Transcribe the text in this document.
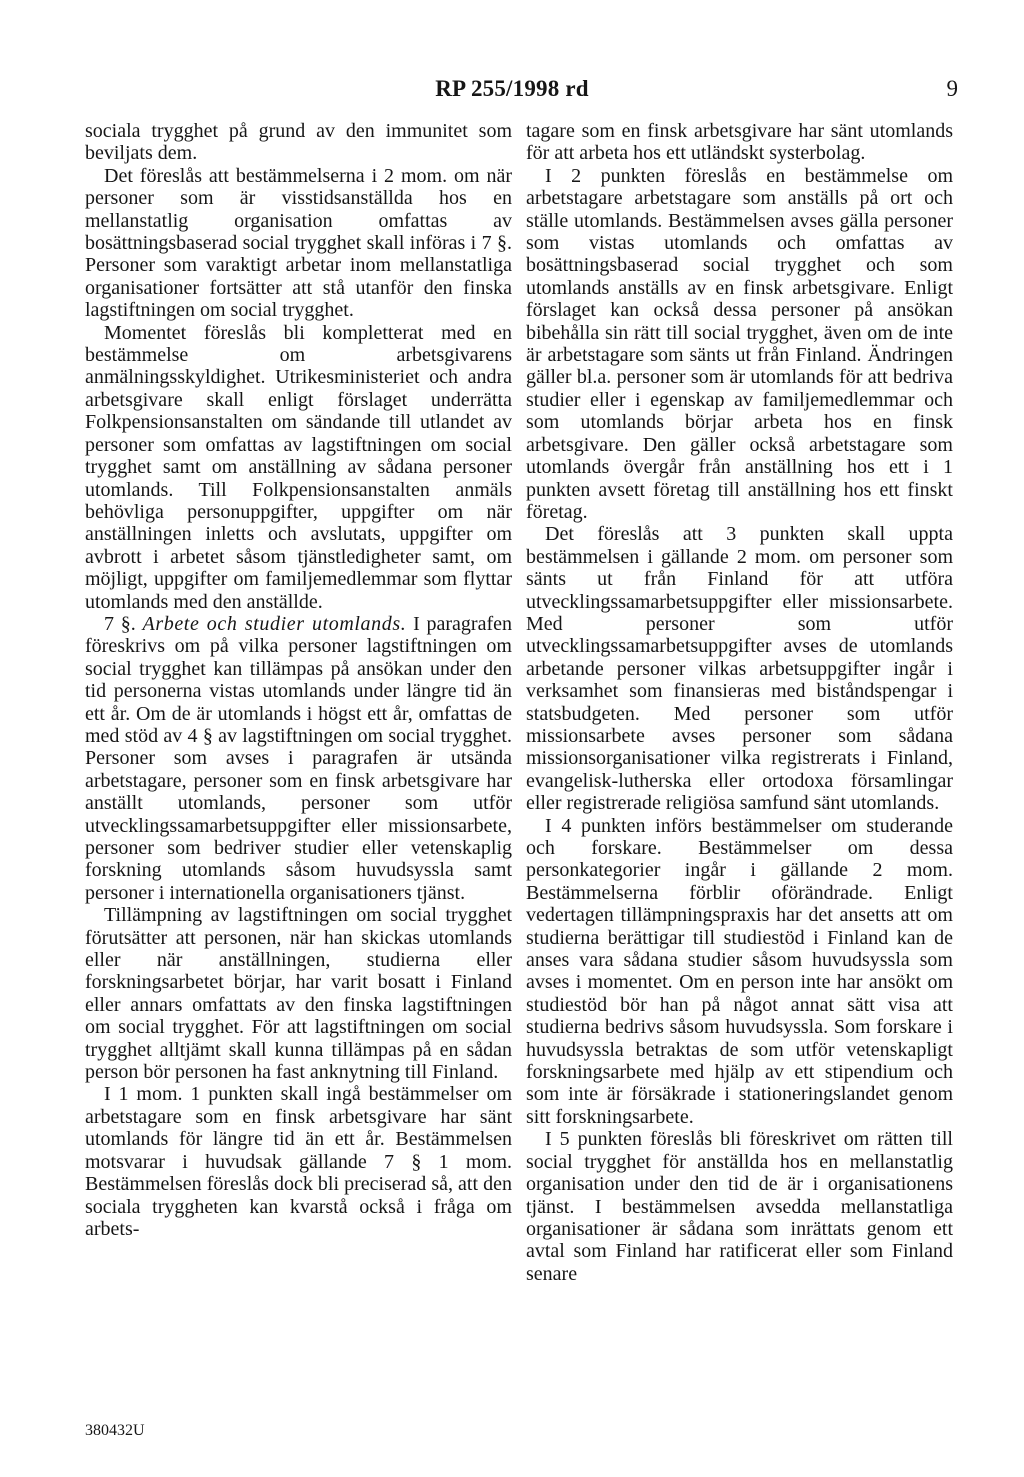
RP 255/1998 rd	9

sociala trygghet på grund av den immunitet som beviljats dem.

Det föreslås att bestämmelserna i 2 mom. om när personer som är visstidsanställda hos en mellanstatlig organisation omfattas av bosättningsbaserad social trygghet skall införas i 7 §. Personer som varaktigt arbetar inom mellanstatliga organisationer fortsätter att stå utanför den finska lagstiftningen om social trygghet.

Momentet föreslås bli kompletterat med en bestämmelse om arbetsgivarens anmälningsskyldighet. Utrikesministeriet och andra arbetsgivare skall enligt förslaget underrätta Folkpensionsanstalten om sändande till utlandet av personer som omfattas av lagstiftningen om social trygghet samt om anställning av sådana personer utomlands. Till Folkpensionsanstalten anmäls behövliga personuppgifter, uppgifter om när anställningen inletts och avslutats, uppgifter om avbrott i arbetet såsom tjänstledigheter samt, om möjligt, uppgifter om familjemedlemmar som flyttar utomlands med den anställde.

7 §. Arbete och studier utomlands. I paragrafen föreskrivs om på vilka personer lagstiftningen om social trygghet kan tillämpas på ansökan under den tid personerna vistas utomlands under längre tid än ett år. Om de är utomlands i högst ett år, omfattas de med stöd av 4 § av lagstiftningen om social trygghet. Personer som avses i paragrafen är utsända arbetstagare, personer som en finsk arbetsgivare har anställt utomlands, personer som utför utvecklingssamarbetsuppgifter eller missionsarbete, personer som bedriver studier eller vetenskaplig forskning utomlands såsom huvudsyssla samt personer i internationella organisationers tjänst.

Tillämpning av lagstiftningen om social trygghet förutsätter att personen, när han skickas utomlands eller när anställningen, studierna eller forskningsarbetet börjar, har varit bosatt i Finland eller annars omfattats av den finska lagstiftningen om social trygghet. För att lagstiftningen om social trygghet alltjämt skall kunna tillämpas på en sådan person bör personen ha fast anknytning till Finland.

I 1 mom. 1 punkten skall ingå bestämmelser om arbetstagare som en finsk arbetsgivare har sänt utomlands för längre tid än ett år. Bestämmelsen motsvarar i huvudsak gällande 7 § 1 mom. Bestämmelsen föreslås dock bli preciserad så, att den sociala tryggheten kan kvarstå också i fråga om arbets-

tagare som en finsk arbetsgivare har sänt utomlands för att arbeta hos ett utländskt systerbolag.

I 2 punkten föreslås en bestämmelse om arbetstagare arbetstagare som anställs på ort och ställe utomlands. Bestämmelsen avses gälla personer som vistas utomlands och omfattas av bosättningsbaserad social trygghet och som utomlands anställs av en finsk arbetsgivare. Enligt förslaget kan också dessa personer på ansökan bibehålla sin rätt till social trygghet, även om de inte är arbetstagare som sänts ut från Finland. Ändringen gäller bl.a. personer som är utomlands för att bedriva studier eller i egenskap av familjemedlemmar och som utomlands börjar arbeta hos en finsk arbetsgivare. Den gäller också arbetstagare som utomlands övergår från anställning hos ett i 1 punkten avsett företag till anställning hos ett finskt företag.

Det föreslås att 3 punkten skall uppta bestämmelsen i gällande 2 mom. om personer som sänts ut från Finland för att utföra utvecklingssamarbetsuppgifter eller missionsarbete. Med personer som utför utvecklingssamarbetsuppgifter avses de utomlands arbetande personer vilkas arbetsuppgifter ingår i verksamhet som finansieras med biståndspengar i statsbudgeten. Med personer som utför missionsarbete avses personer som sådana missionsorganisationer vilka registrerats i Finland, evangelisk-lutherska eller ortodoxa församlingar eller registrerade religiösa samfund sänt utomlands.

I 4 punkten införs bestämmelser om studerande och forskare. Bestämmelser om dessa personkategorier ingår i gällande 2 mom. Bestämmelserna förblir oförändrade. Enligt vedertagen tillämpningspraxis har det ansetts att om studierna berättigar till studiestöd i Finland kan de anses vara sådana studier såsom huvudsyssla som avses i momentet. Om en person inte har ansökt om studiestöd bör han på något annat sätt visa att studierna bedrivs såsom huvudsyssla. Som forskare i huvudsyssla betraktas de som utför vetenskapligt forskningsarbete med hjälp av ett stipendium och som inte är försäkrade i stationeringslandet genom sitt forskningsarbete.

I 5 punkten föreslås bli föreskrivet om rätten till social trygghet för anställda hos en mellanstatlig organisation under den tid de är i organisationens tjänst. I bestämmelsen avsedda mellanstatliga organisationer är sådana som inrättats genom ett avtal som Finland har ratificerat eller som Finland senare

380432U
